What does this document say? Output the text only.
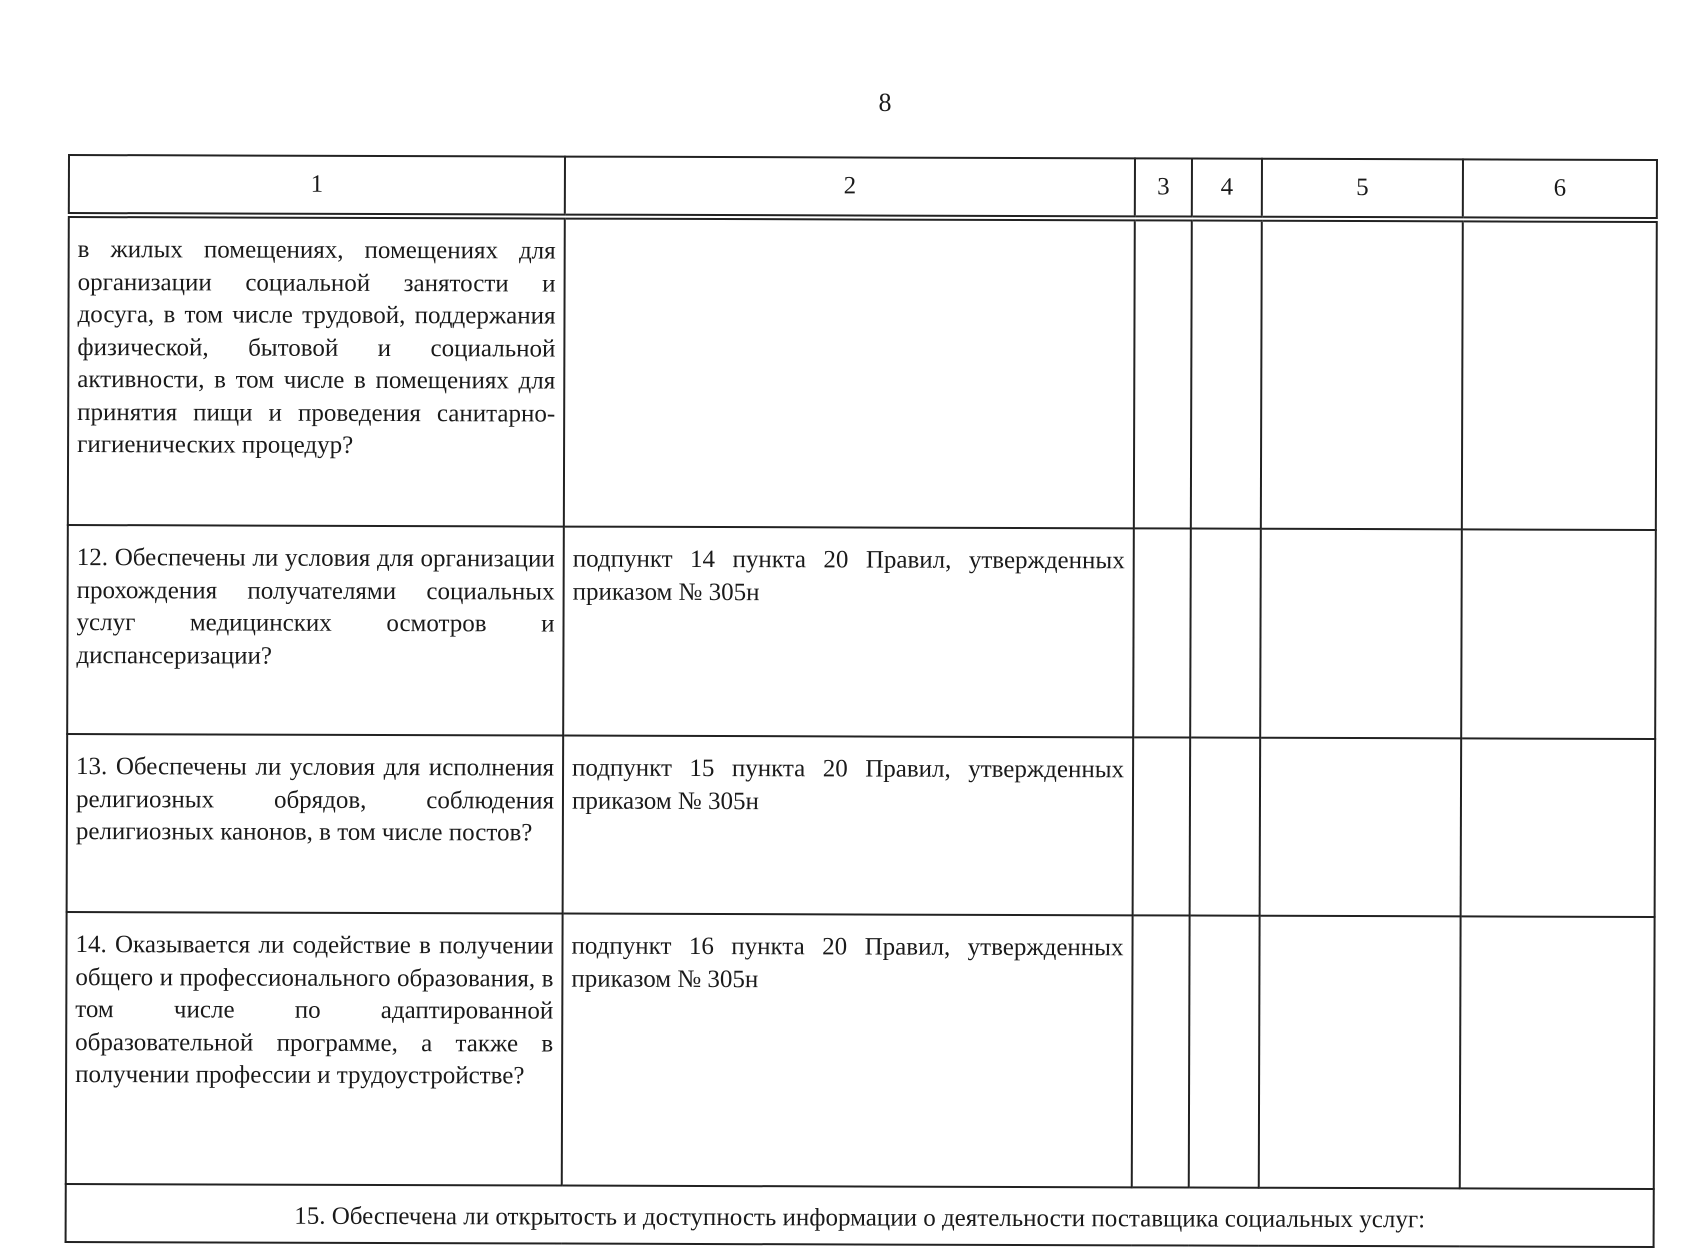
8
1	2	3	4	5	6
в жилых помещениях, помещениях для организации социальной занятости и досуга, в том числе трудовой, поддержания физической, бытовой и социальной активности, в том числе в помещениях для принятия пищи и проведения санитарно-гигиенических процедур?					
12. Обеспечены ли условия для организации прохождения получателями социальных услуг медицинских осмотров и диспансеризации?	подпункт 14 пункта 20 Правил, утвержденных приказом № 305н				
13. Обеспечены ли условия для исполнения религиозных обрядов, соблюдения религиозных канонов, в том числе постов?	подпункт 15 пункта 20 Правил, утвержденных приказом № 305н				
14. Оказывается ли содействие в получении общего и профессионального образования, в том числе по адаптированной образовательной программе, а также в получении профессии и трудоустройстве?	подпункт 16 пункта 20 Правил, утвержденных приказом № 305н				
15. Обеспечена ли открытость и доступность информации о деятельности поставщика социальных услуг:					
